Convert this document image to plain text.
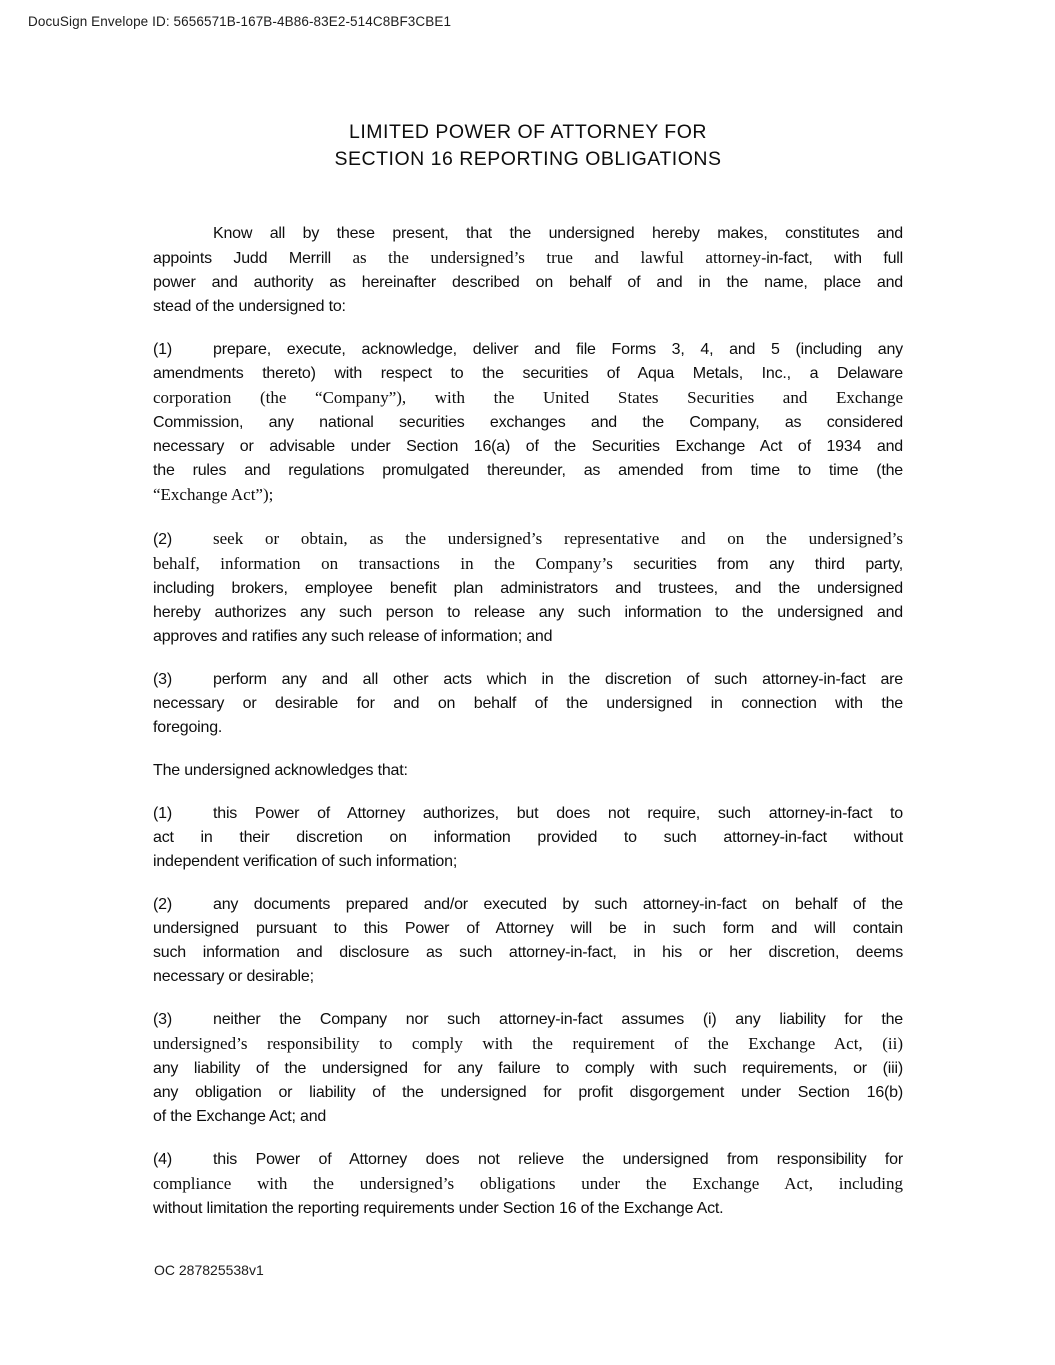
DocuSign Envelope ID: 5656571B-167B-4B86-83E2-514C8BF3CBE1
LIMITED POWER OF ATTORNEY FOR
SECTION 16 REPORTING OBLIGATIONS
Know all by these present, that the undersigned hereby makes, constitutes and
appoints Judd Merrill as the undersigned’s true and lawful attorney-in-fact, with full
power and authority as hereinafter described on behalf of and in the name, place and
stead of the undersigned to:
(1)	prepare, execute, acknowledge, deliver and file Forms 3, 4, and 5 (including any
amendments thereto) with respect to the securities of Aqua Metals, Inc., a Delaware
corporation (the “Company”), with the United States Securities and Exchange
Commission, any national securities exchanges and the Company, as considered
necessary or advisable under Section 16(a) of the Securities Exchange Act of 1934 and
the rules and regulations promulgated thereunder, as amended from time to time (the
“Exchange Act”);
(2) seek or obtain, as the undersigned’s representative and on the undersigned’s
behalf, information on transactions in the Company’s securities from any third party,
including brokers, employee benefit plan administrators and trustees, and the undersigned
hereby authorizes any such person to release any such information to the undersigned and
approves and ratifies any such release of information; and
(3)	perform any and all other acts which in the discretion of such attorney-in-fact are
necessary or desirable for and on behalf of the undersigned in connection with the
foregoing.
The undersigned acknowledges that:
(1)	this Power of Attorney authorizes, but does not require, such attorney-in-fact to
act in their discretion on information provided to such attorney-in-fact without
independent verification of such information;
(2)	any documents prepared and/or executed by such attorney-in-fact on behalf of the
undersigned pursuant to this Power of Attorney will be in such form and will contain
such information and disclosure as such attorney-in-fact, in his or her discretion, deems
necessary or desirable;
(3)	neither the Company nor such attorney-in-fact assumes (i) any liability for the
undersigned’s responsibility to comply with the requirement of the Exchange Act, (ii)
any liability of the undersigned for any failure to comply with such requirements, or (iii)
any obligation or liability of the undersigned for profit disgorgement under Section 16(b)
of the Exchange Act; and
(4)	this Power of Attorney does not relieve the undersigned from responsibility for
compliance with the undersigned’s obligations under the Exchange Act, including
without limitation the reporting requirements under Section 16 of the Exchange Act.
OC 287825538v1
